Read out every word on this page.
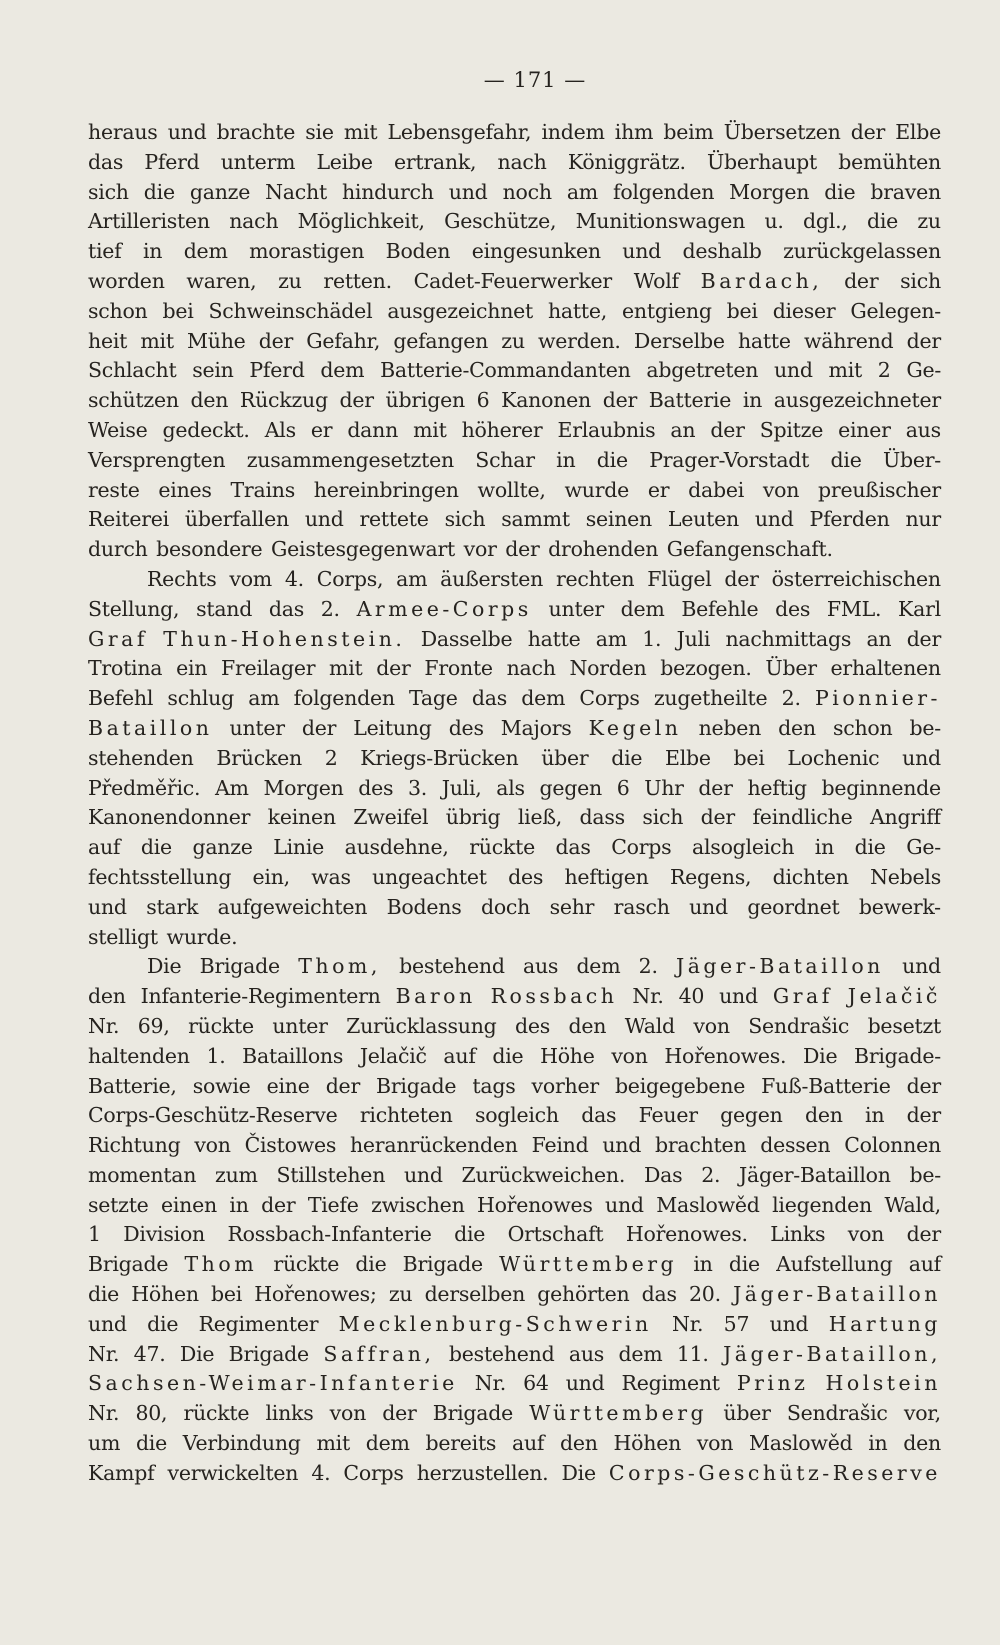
— 171 —
heraus und brachte sie mit Lebensgefahr, indem ihm beim Übersetzen der Elbe
das Pferd unterm Leibe ertrank, nach Königgrätz. Überhaupt bemühten
sich die ganze Nacht hindurch und noch am folgenden Morgen die braven
Artilleristen nach Möglichkeit, Geschütze, Munitionswagen u. dgl., die zu
tief in dem morastigen Boden eingesunken und deshalb zurückgelassen
worden waren, zu retten. Cadet-Feuerwerker Wolf Bardach, der sich
schon bei Schweinschädel ausgezeichnet hatte, entgieng bei dieser Gelegen-
heit mit Mühe der Gefahr, gefangen zu werden. Derselbe hatte während der
Schlacht sein Pferd dem Batterie-Commandanten abgetreten und mit 2 Ge-
schützen den Rückzug der übrigen 6 Kanonen der Batterie in ausgezeichneter
Weise gedeckt. Als er dann mit höherer Erlaubnis an der Spitze einer aus
Versprengten zusammengesetzten Schar in die Prager-Vorstadt die Über-
reste eines Trains hereinbringen wollte, wurde er dabei von preußischer
Reiterei überfallen und rettete sich sammt seinen Leuten und Pferden nur
durch besondere Geistesgegenwart vor der drohenden Gefangenschaft.
Rechts vom 4. Corps, am äußersten rechten Flügel der österreichischen
Stellung, stand das 2. Armee-Corps unter dem Befehle des FML. Karl
Graf Thun-Hohenstein. Dasselbe hatte am 1. Juli nachmittags an der
Trotina ein Freilager mit der Fronte nach Norden bezogen. Über erhaltenen
Befehl schlug am folgenden Tage das dem Corps zugetheilte 2. Pionnier-
Bataillon unter der Leitung des Majors Kegeln neben den schon be-
stehenden Brücken 2 Kriegs-Brücken über die Elbe bei Lochenic und
Předměřic. Am Morgen des 3. Juli, als gegen 6 Uhr der heftig beginnende
Kanonendonner keinen Zweifel übrig ließ, dass sich der feindliche Angriff
auf die ganze Linie ausdehne, rückte das Corps alsogleich in die Ge-
fechtsstellung ein, was ungeachtet des heftigen Regens, dichten Nebels
und stark aufgeweichten Bodens doch sehr rasch und geordnet bewerk-
stelligt wurde.
Die Brigade Thom, bestehend aus dem 2. Jäger-Bataillon und
den Infanterie-Regimentern Baron Rossbach Nr. 40 und Graf Jelačič
Nr. 69, rückte unter Zurücklassung des den Wald von Sendrašic besetzt
haltenden 1. Bataillons Jelačič auf die Höhe von Hořenowes. Die Brigade-
Batterie, sowie eine der Brigade tags vorher beigegebene Fuß-Batterie der
Corps-Geschütz-Reserve richteten sogleich das Feuer gegen den in der
Richtung von Čistowes heranrückenden Feind und brachten dessen Colonnen
momentan zum Stillstehen und Zurückweichen. Das 2. Jäger-Bataillon be-
setzte einen in der Tiefe zwischen Hořenowes und Maslowěd liegenden Wald,
1 Division Rossbach-Infanterie die Ortschaft Hořenowes. Links von der
Brigade Thom rückte die Brigade Württemberg in die Aufstellung auf
die Höhen bei Hořenowes; zu derselben gehörten das 20. Jäger-Bataillon
und die Regimenter Mecklenburg-Schwerin Nr. 57 und Hartung
Nr. 47. Die Brigade Saffran, bestehend aus dem 11. Jäger-Bataillon,
Sachsen-Weimar-Infanterie Nr. 64 und Regiment Prinz Holstein
Nr. 80, rückte links von der Brigade Württemberg über Sendrašic vor,
um die Verbindung mit dem bereits auf den Höhen von Maslowěd in den
Kampf verwickelten 4. Corps herzustellen. Die Corps-Geschütz-Reserve
